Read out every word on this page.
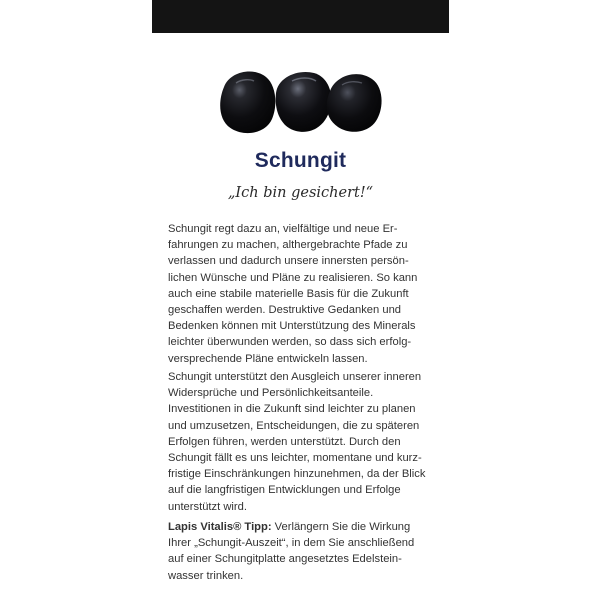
Schungit
„Ich bin gesichert!“
Schungit regt dazu an, vielfältige und neue Er-
fahrungen zu machen, althergebrachte Pfade zu
verlassen und dadurch unsere innersten persön-
lichen Wünsche und Pläne zu realisieren. So kann
auch eine stabile materielle Basis für die Zukunft
geschaffen werden. Destruktive Gedanken und
Bedenken können mit Unterstützung des Minerals
leichter überwunden werden, so dass sich erfolg-
versprechende Pläne entwickeln lassen.
Schungit unterstützt den Ausgleich unserer inneren
Widersprüche und Persönlichkeitsanteile.
Investitionen in die Zukunft sind leichter zu planen
und umzusetzen, Entscheidungen, die zu späteren
Erfolgen führen, werden unterstützt. Durch den
Schungit fällt es uns leichter, momentane und kurz-
fristige Einschränkungen hinzunehmen, da der Blick
auf die langfristigen Entwicklungen und Erfolge
unterstützt wird.
Lapis Vitalis® Tipp: Verlängern Sie die Wirkung
Ihrer „Schungit-Auszeit“, in dem Sie anschließend
auf einer Schungitplatte angesetztes Edelstein-
wasser trinken.
